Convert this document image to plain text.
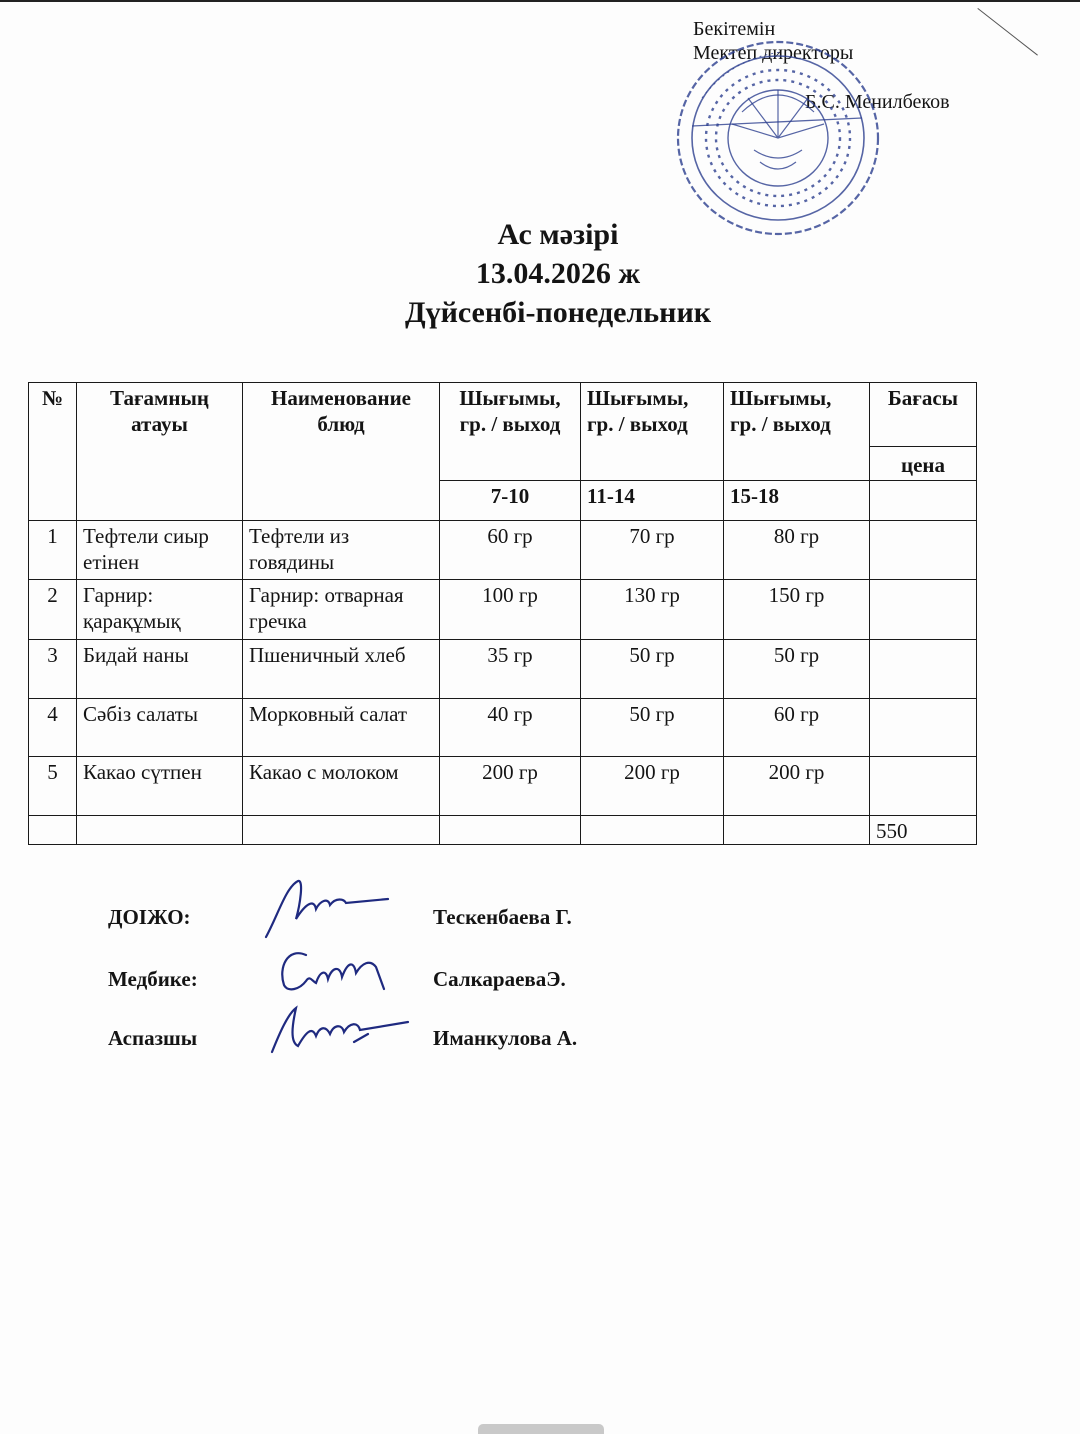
Бекітемін
Мектеп директоры
Б.С. Менилбеков
Ас мәзірі
13.04.2026 ж
Дүйсенбі-понедельник
№	Тағамның атауы	Наименование блюд	Шығымы, гр. / выход	Шығымы, гр. / выход	Шығымы, гр. / выход	Бағасы
						цена
			7-10	11-14	15-18	
1	Тефтели сиыр етінен	Тефтели из говядины	60 гр	70 гр	80 гр	
2	Гарнир: қарақұмық	Гарнир: отварная гречка	100 гр	130 гр	150 гр	
3	Бидай наны	Пшеничный хлеб	35 гр	50 гр	50 гр	
4	Сәбіз салаты	Морковный салат	40 гр	50 гр	60 гр	
5	Какао сүтпен	Какао с молоком	200 гр	200 гр	200 гр	
						550
ДОІЖО:	Тескенбаева Г.
Медбике:	СалкараеваЭ.
Аспазшы	Иманкулова А.
